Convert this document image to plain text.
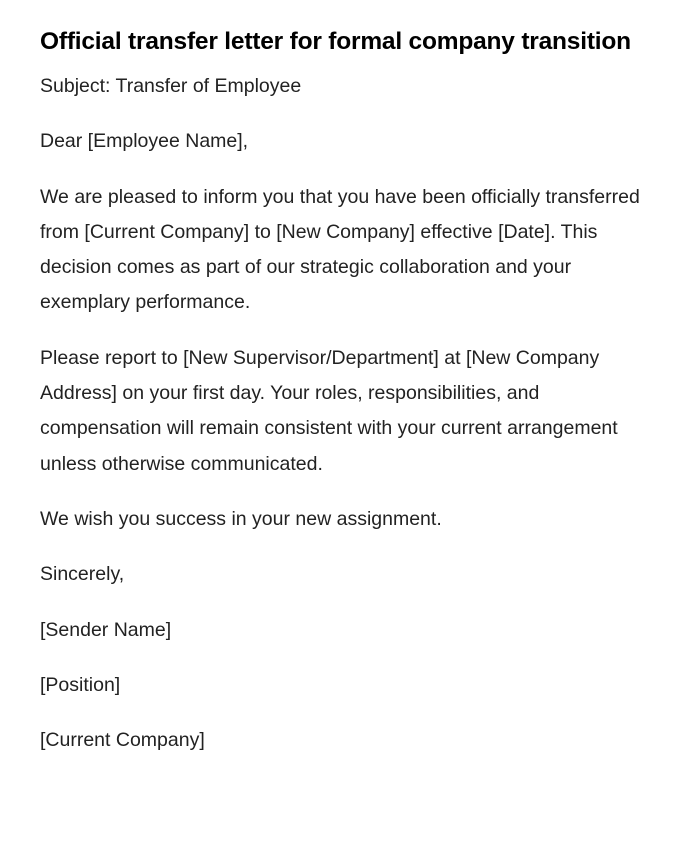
Official transfer letter for formal company transition

Subject: Transfer of Employee

Dear [Employee Name],

We are pleased to inform you that you have been officially transferred from [Current Company] to [New Company] effective [Date]. This decision comes as part of our strategic collaboration and your exemplary performance.

Please report to [New Supervisor/Department] at [New Company Address] on your first day. Your roles, responsibilities, and compensation will remain consistent with your current arrangement unless otherwise communicated.

We wish you success in your new assignment.

Sincerely,

[Sender Name]

[Position]

[Current Company]
